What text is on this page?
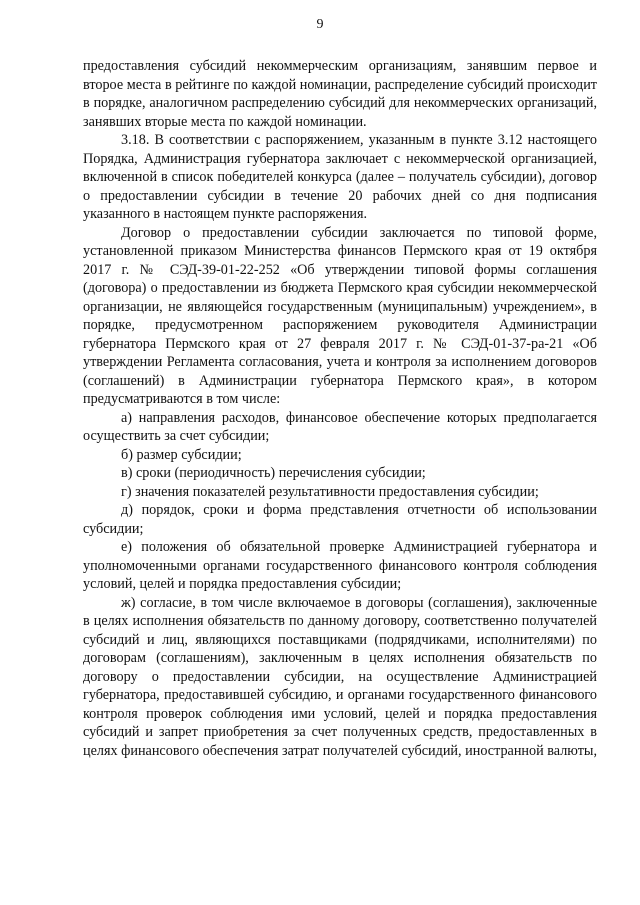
9

предоставления субсидий некоммерческим организациям, занявшим первое и второе места в рейтинге по каждой номинации, распределение субсидий происходит в порядке, аналогичном распределению субсидий для некоммерческих организаций, занявших вторые места по каждой номинации.

3.18. В соответствии с распоряжением, указанным в пункте 3.12 настоящего Порядка, Администрация губернатора заключает с некоммерческой организацией, включенной в список победителей конкурса (далее – получатель субсидии), договор о предоставлении субсидии в течение 20 рабочих дней со дня подписания указанного в настоящем пункте распоряжения.

Договор о предоставлении субсидии заключается по типовой форме, установленной приказом Министерства финансов Пермского края от 19 октября 2017 г. № СЭД-39-01-22-252 «Об утверждении типовой формы соглашения (договора) о предоставлении из бюджета Пермского края субсидии некоммерческой организации, не являющейся государственным (муниципальным) учреждением», в порядке, предусмотренном распоряжением руководителя Администрации губернатора Пермского края от 27 февраля 2017 г. № СЭД-01-37-ра-21 «Об утверждении Регламента согласования, учета и контроля за исполнением договоров (соглашений) в Администрации губернатора Пермского края», в котором предусматриваются в том числе:

а) направления расходов, финансовое обеспечение которых предполагается осуществить за счет субсидии;

б) размер субсидии;

в) сроки (периодичность) перечисления субсидии;

г) значения показателей результативности предоставления субсидии;

д) порядок, сроки и форма представления отчетности об использовании субсидии;

е) положения об обязательной проверке Администрацией губернатора и уполномоченными органами государственного финансового контроля соблюдения условий, целей и порядка предоставления субсидии;

ж) согласие, в том числе включаемое в договоры (соглашения), заключенные в целях исполнения обязательств по данному договору, соответственно получателей субсидий и лиц, являющихся поставщиками (подрядчиками, исполнителями) по договорам (соглашениям), заключенным в целях исполнения обязательств по договору о предоставлении субсидии, на осуществление Администрацией губернатора, предоставившей субсидию, и органами государственного финансового контроля проверок соблюдения ими условий, целей и порядка предоставления субсидий и запрет приобретения за счет полученных средств, предоставленных в целях финансового обеспечения затрат получателей субсидий, иностранной валюты,
